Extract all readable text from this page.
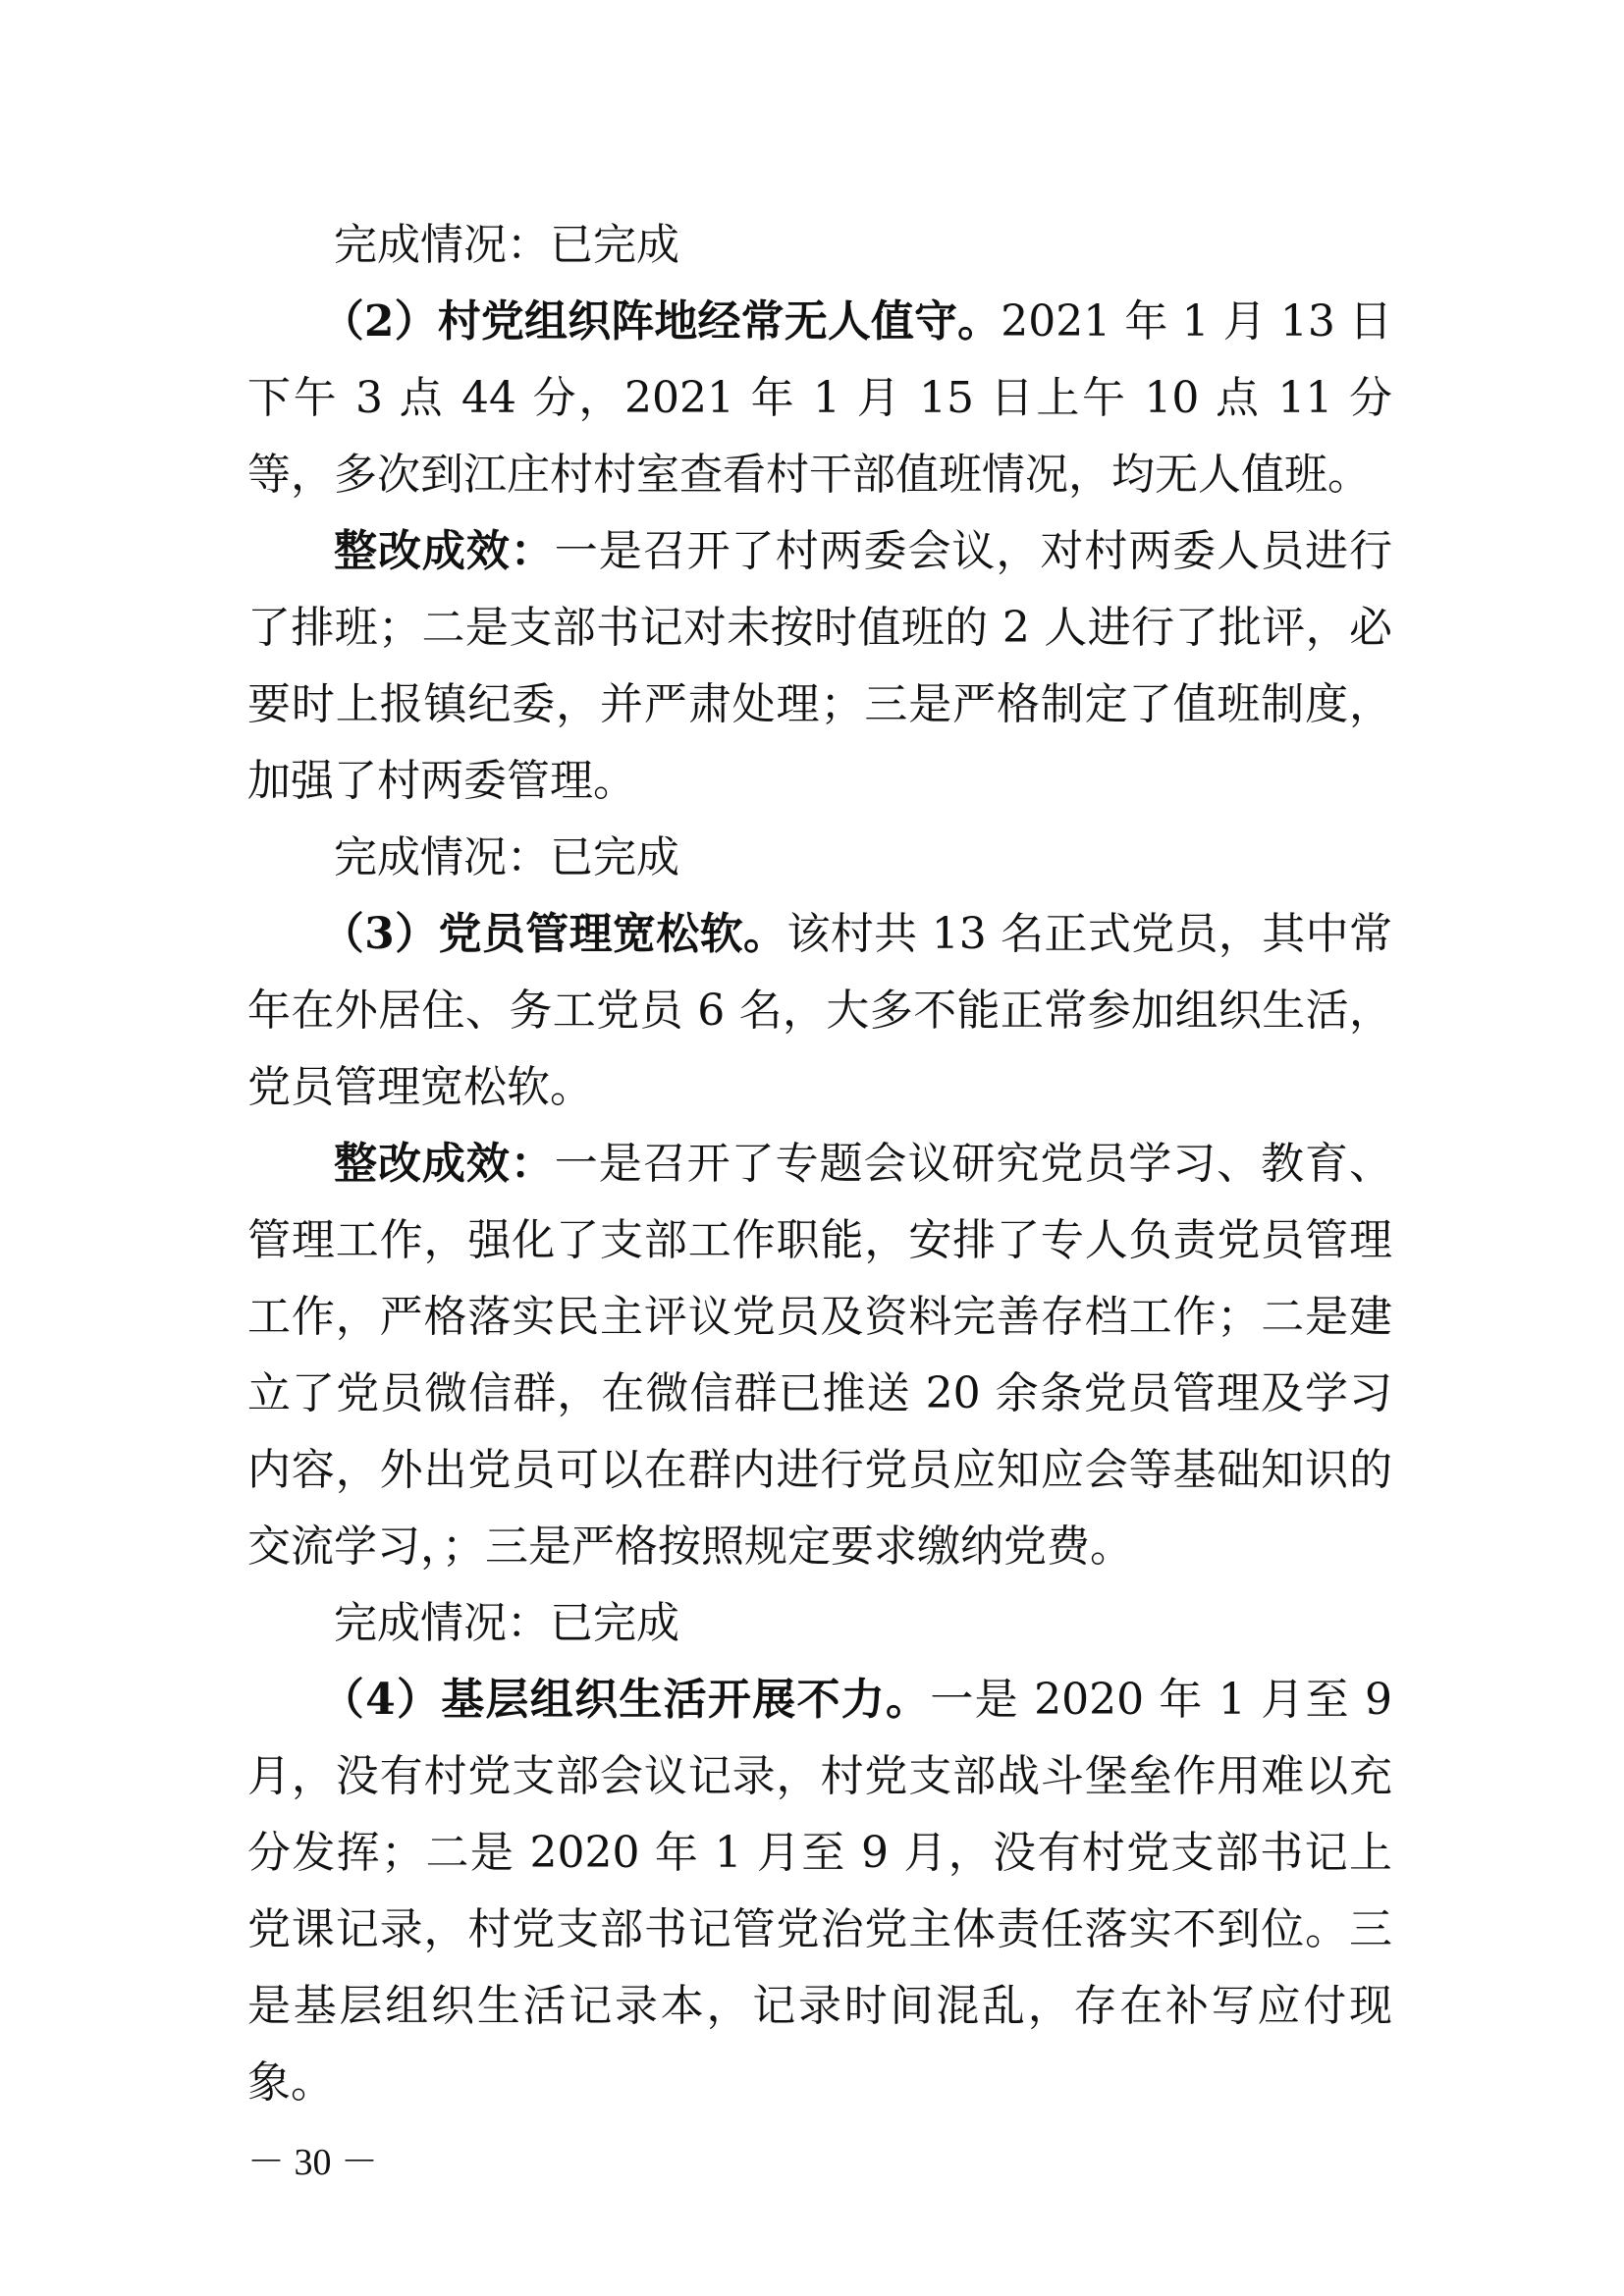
完成情况：已完成

（2）村党组织阵地经常无人值守。2021 年 1 月 13 日下午 3 点 44 分，2021 年 1 月 15 日上午 10 点 11 分等，多次到江庄村村室查看村干部值班情况，均无人值班。

整改成效：一是召开了村两委会议，对村两委人员进行了排班；二是支部书记对未按时值班的 2 人进行了批评，必要时上报镇纪委，并严肃处理；三是严格制定了值班制度，加强了村两委管理。

完成情况：已完成

（3）党员管理宽松软。该村共 13 名正式党员，其中常年在外居住、务工党员 6 名，大多不能正常参加组织生活，党员管理宽松软。

整改成效：一是召开了专题会议研究党员学习、教育、管理工作，强化了支部工作职能，安排了专人负责党员管理工作，严格落实民主评议党员及资料完善存档工作；二是建立了党员微信群，在微信群已推送 20 余条党员管理及学习内容，外出党员可以在群内进行党员应知应会等基础知识的交流学习，；三是严格按照规定要求缴纳党费。

完成情况：已完成

（4）基层组织生活开展不力。一是 2020 年 1 月至 9 月，没有村党支部会议记录，村党支部战斗堡垒作用难以充分发挥；二是 2020 年 1 月至 9 月，没有村党支部书记上党课记录，村党支部书记管党治党主体责任落实不到位。三是基层组织生活记录本，记录时间混乱，存在补写应付现象。

－ 30 －
